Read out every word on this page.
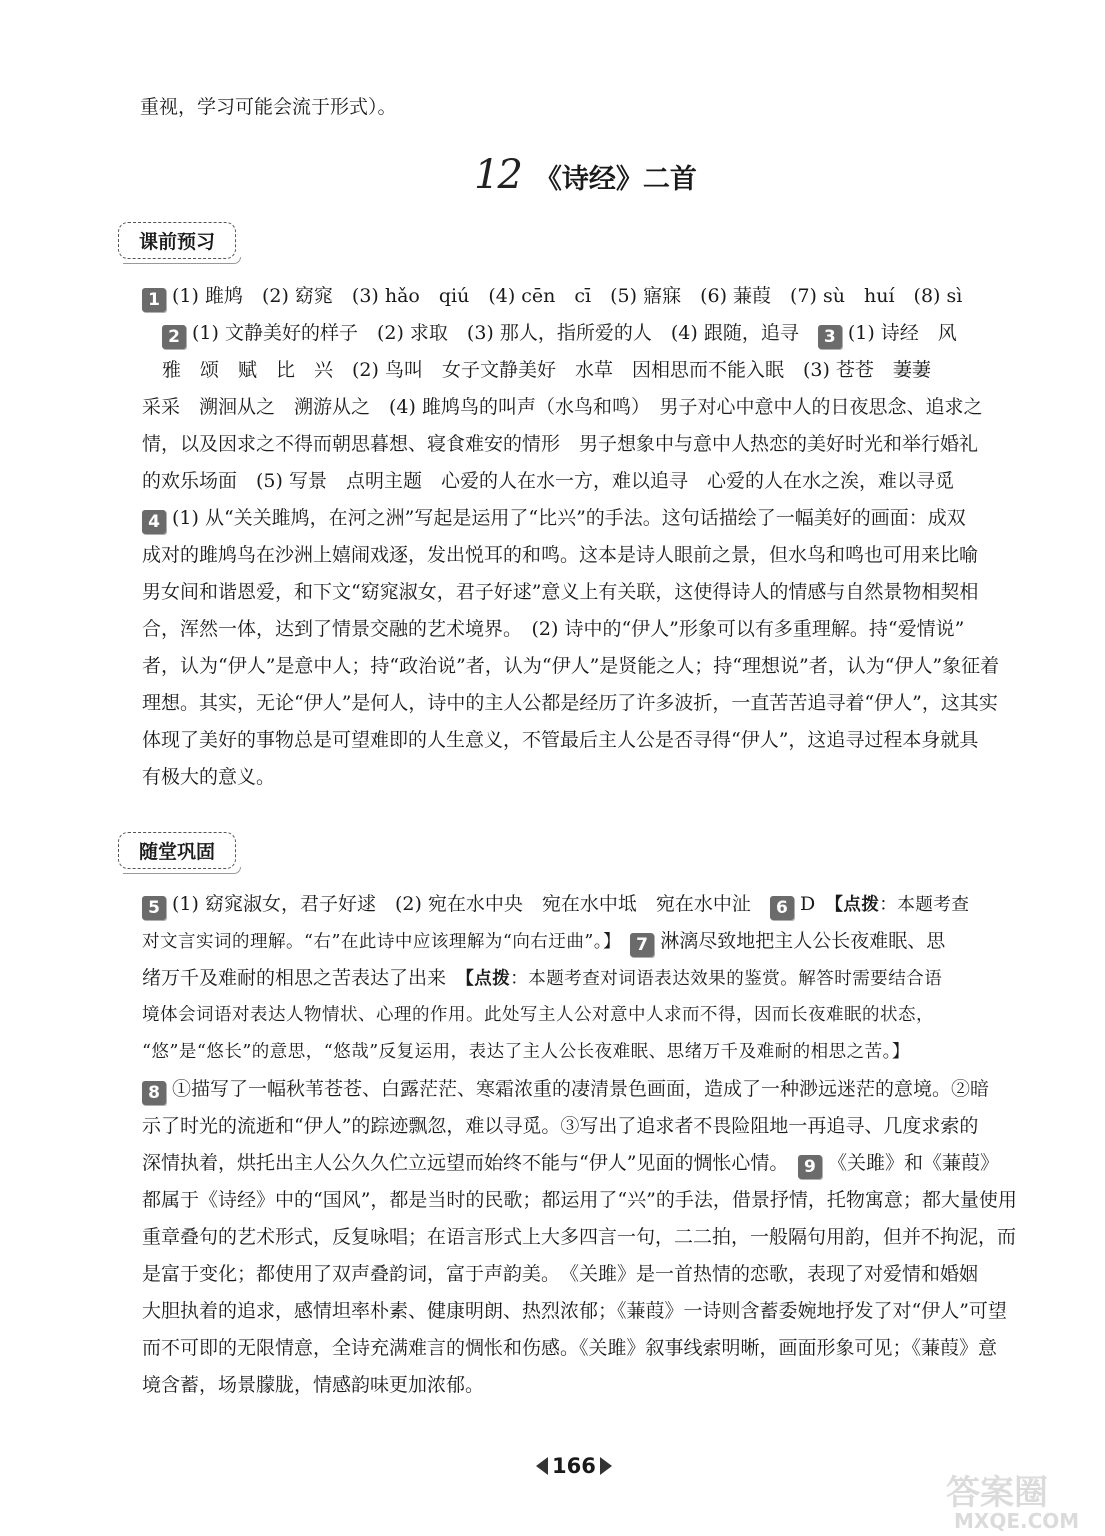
重视，学习可能会流于形式）。
12 《诗经》二首
课前预习
1 (1) 雎鸠　(2) 窈窕　(3) hǎo　qiú　(4) cēn　cī　(5) 寤寐　(6) 蒹葭　(7) sù　huí　(8) sì
2 (1) 文静美好的样子　(2) 求取　(3) 那人，指所爱的人　(4) 跟随，追寻　 3 (1) 诗经　风
雅　颂　赋　比　兴　(2) 鸟叫　女子文静美好　水草　因相思而不能入眠　(3) 苍苍　萋萋
采采　溯洄从之　溯游从之　(4) 雎鸠鸟的叫声（水鸟和鸣）　男子对心中意中人的日夜思念、追求之
情，以及因求之不得而朝思暮想、寝食难安的情形　男子想象中与意中人热恋的美好时光和举行婚礼
的欢乐场面　(5) 写景　点明主题　心爱的人在水一方，难以追寻　心爱的人在水之涘，难以寻觅
4 (1) 从“关关雎鸠，在河之洲”写起是运用了“比兴”的手法。这句话描绘了一幅美好的画面：成双
成对的雎鸠鸟在沙洲上嬉闹戏逐，发出悦耳的和鸣。这本是诗人眼前之景，但水鸟和鸣也可用来比喻
男女间和谐恩爱，和下文“窈窕淑女，君子好逑”意义上有关联，这使得诗人的情感与自然景物相契相
合，浑然一体，达到了情景交融的艺术境界。　(2) 诗中的“伊人”形象可以有多重理解。持“爱情说”
者，认为“伊人”是意中人；持“政治说”者，认为“伊人”是贤能之人；持“理想说”者，认为“伊人”象征着
理想。其实，无论“伊人”是何人，诗中的主人公都是经历了许多波折，一直苦苦追寻着“伊人”，这其实
体现了美好的事物总是可望难即的人生意义，不管最后主人公是否寻得“伊人”，这追寻过程本身就具
有极大的意义。
随堂巩固
5 (1) 窈窕淑女，君子好逑　(2) 宛在水中央　宛在水中坻　宛在水中沚　 6 D　【点拨：本题考查
对文言实词的理解。“右”在此诗中应该理解为“向右迂曲”。】　 7 淋漓尽致地把主人公长夜难眠、思
绪万千及难耐的相思之苦表达了出来　【点拨：本题考查对词语表达效果的鉴赏。解答时需要结合语
境体会词语对表达人物情状、心理的作用。此处写主人公对意中人求而不得，因而长夜难眠的状态，
“悠”是“悠长”的意思，“悠哉”反复运用，表达了主人公长夜难眠、思绪万千及难耐的相思之苦。】
8 ①描写了一幅秋苇苍苍、白露茫茫、寒霜浓重的凄清景色画面，造成了一种渺远迷茫的意境。②暗
示了时光的流逝和“伊人”的踪迹飘忽，难以寻觅。③写出了追求者不畏险阻地一再追寻、几度求索的
深情执着，烘托出主人公久久伫立远望而始终不能与“伊人”见面的惆怅心情。　 9 《关雎》和《蒹葭》
都属于《诗经》中的“国风”，都是当时的民歌；都运用了“兴”的手法，借景抒情，托物寓意；都大量使用
重章叠句的艺术形式，反复咏唱；在语言形式上大多四言一句，二二拍，一般隔句用韵，但并不拘泥，而
是富于变化；都使用了双声叠韵词，富于声韵美。　《关雎》是一首热情的恋歌，表现了对爱情和婚姻
大胆执着的追求，感情坦率朴素、健康明朗、热烈浓郁；《蒹葭》一诗则含蓄委婉地抒发了对“伊人”可望
而不可即的无限情意，全诗充满难言的惆怅和伤感。《关雎》叙事线索明晰，画面形象可见；《蒹葭》意
境含蓄，场景朦胧，情感韵味更加浓郁。
166
答案圈
MXQE.COM
